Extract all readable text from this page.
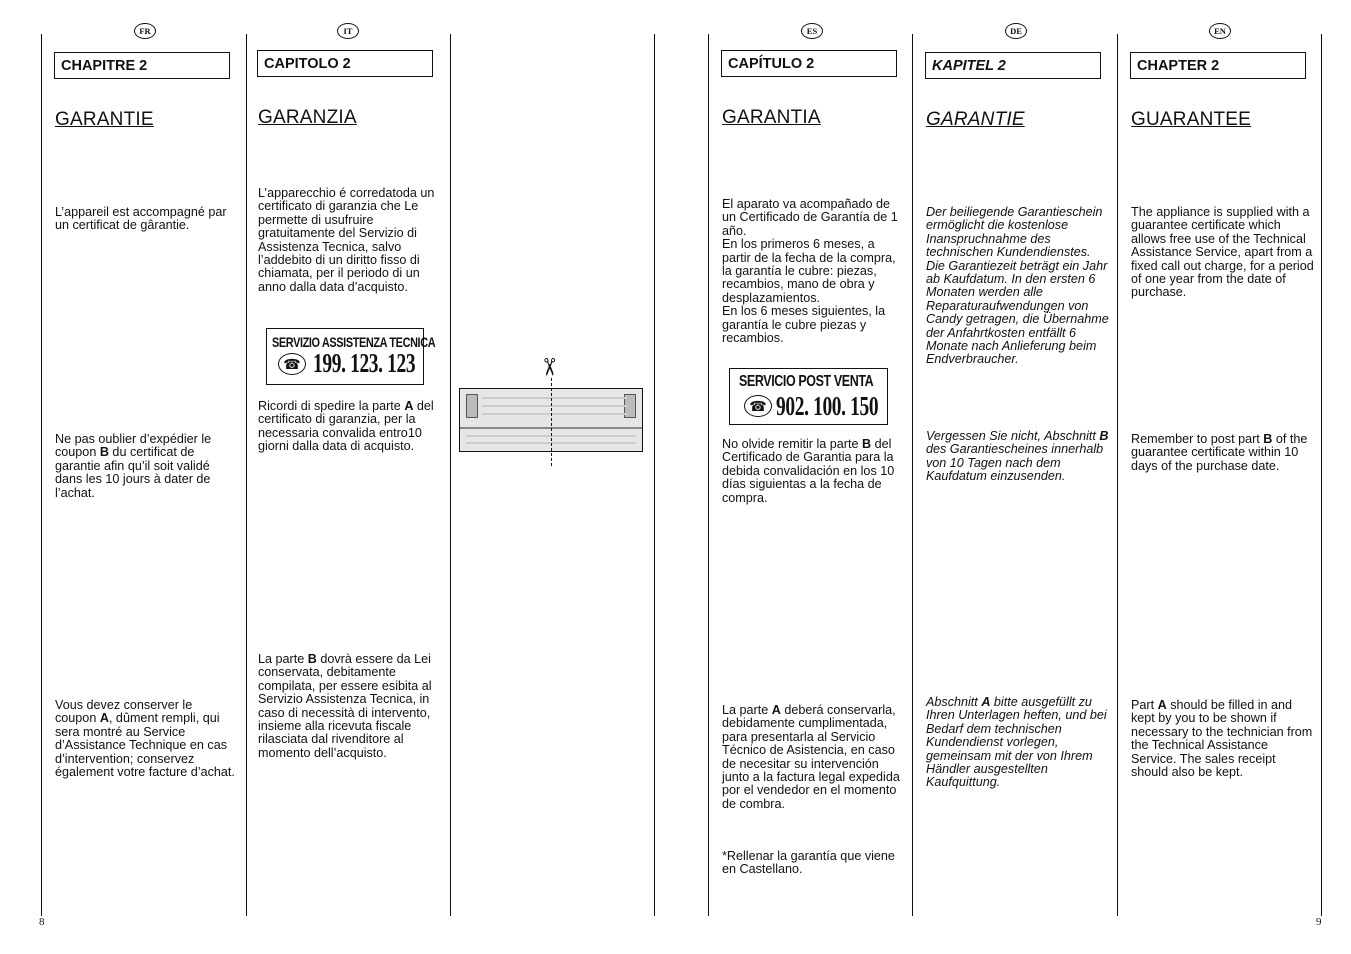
FR	IT	ES	DE	EN
CHAPITRE 2
GARANTIE
L’appareil est accompagné par un certificat de gârantie.
Ne pas oublier d’expédier le coupon B du certificat de garantie afin qu’il soit validé dans les 10 jours à dater de l’achat.
Vous devez conserver le coupon A, dûment rempli, qui sera montré au Service d’Assistance Technique en cas d’intervention; conservez également votre facture d’achat.
CAPITOLO 2
GARANZIA
L’apparecchio é corredatoda un certificato di garanzia che Le permette di usufruire gratuitamente del Servizio di Assistenza Tecnica, salvo l’addebito di un diritto fisso di chiamata, per il periodo di un anno dalla data d’acquisto.
SERVIZIO ASSISTENZA TECNICA
☎ 199. 123. 123
Ricordi di spedire la parte A del certificato di garanzia, per la necessaria convalida entro10 giorni dalla data di acquisto.
La parte B dovrà essere da Lei conservata, debitamente compilata, per essere esibita al Servizio Assistenza Tecnica, in caso di necessità di intervento, insieme alla ricevuta fiscale rilasciata dal rivenditore al momento dell’acquisto.
✂
CAPÍTULO 2
GARANTIA
El aparato va acompañado de un Certificado de Garantía de 1 año.
En los primeros 6 meses, a partir de la fecha de la compra, la garantía le cubre: piezas, recambios, mano de obra y desplazamientos.
En los 6 meses siguientes, la garantía le cubre piezas y recambios.
SERVICIO POST VENTA
☎ 902. 100. 150
No olvide remitir la parte B del Certificado de Garantia para la debida convalidación en los 10 días siguientas a la fecha de compra.
La parte A deberá conservarla, debidamente cumplimentada, para presentarla al Servicio Técnico de Asistencia, en caso de necesitar su intervención junto a la factura legal expedida por el vendedor en el momento de combra.
*Rellenar la garantía que viene en Castellano.
KAPITEL 2
GARANTIE
Der beiliegende Garantieschein ermöglicht die kostenlose Inanspruchnahme des technischen Kundendienstes. Die Garantiezeit beträgt ein Jahr ab Kaufdatum. In den ersten 6 Monaten werden alle Reparaturaufwendungen von Candy getragen, die Übernahme der Anfahrtkosten entfällt 6 Monate nach Anlieferung beim Endverbraucher.
Vergessen Sie nicht, Abschnitt B des Garantiescheines innerhalb von 10 Tagen nach dem Kaufdatum einzusenden.
Abschnitt A bitte ausgefüllt zu Ihren Unterlagen heften, und bei Bedarf dem technischen Kundendienst vorlegen, gemeinsam mit der von Ihrem Händler ausgestellten Kaufquittung.
CHAPTER 2
GUARANTEE
The appliance is supplied with a guarantee certificate which allows free use of the Technical Assistance Service, apart from a fixed call out charge, for a period of one year from the date of purchase.
Remember to post part B of the guarantee certificate within 10 days of the purchase date.
Part A should be filled in and kept by you to be shown if necessary to the technician from the Technical Assistance Service. The sales receipt should also be kept.
8	9
